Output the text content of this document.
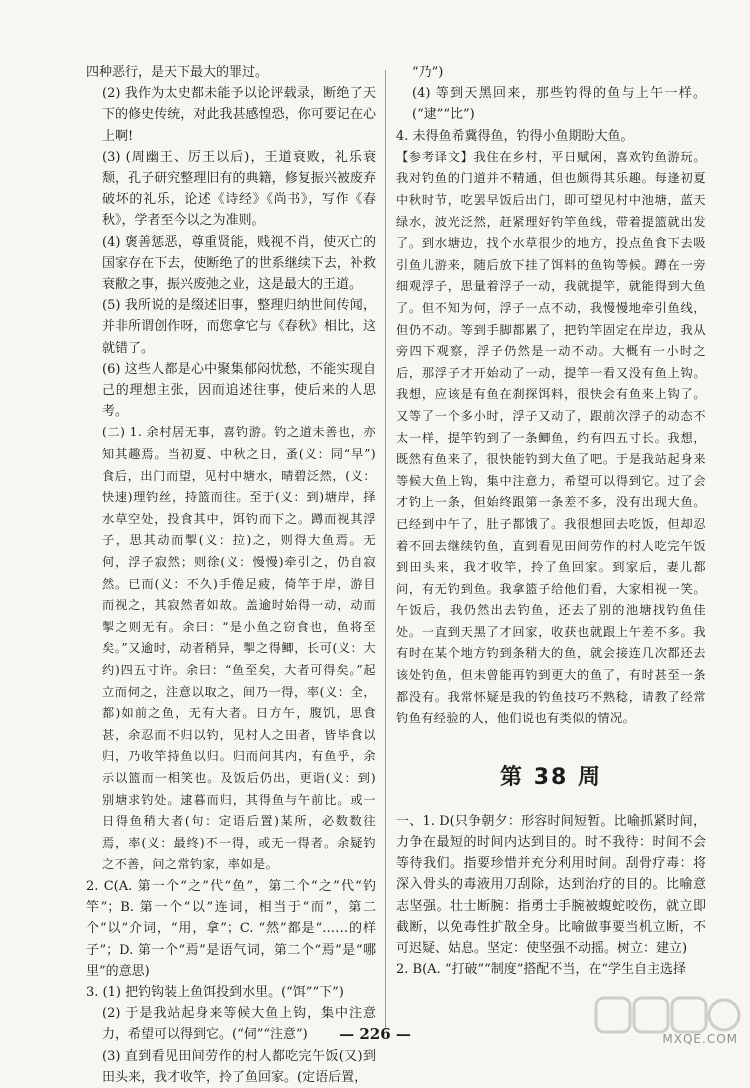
四种恶行，是天下最大的罪过。

(2) 我作为太史都未能予以论评载录，断绝了天下的修史传统，对此我甚感惶恐，你可要记在心上啊!

(3) (周幽王、厉王以后)，王道衰败，礼乐衰颓，孔子研究整理旧有的典籍，修复振兴被废弃破坏的礼乐，论述《诗经》《尚书》，写作《春秋》，学者至今以之为准则。

(4) 褒善惩恶，尊重贤能，贱视不肖，使灭亡的国家存在下去，使断绝了的世系继续下去，补救衰敝之事，振兴废弛之业，这是最大的王道。

(5) 我所说的是缀述旧事，整理归纳世间传闻，并非所谓创作呀，而您拿它与《春秋》相比，这就错了。

(6) 这些人都是心中聚集郁闷忧愁，不能实现自己的理想主张，因而追述往事，使后来的人思考。

(二) 1. 余村居无事，喜钓游。钓之道未善也，亦知其趣焉。当初夏、中秋之日，蚤(义：同“早”)食后，出门而望，见村中塘水，晴碧泛然，(义：快速)理钓丝，持篮而往。至于(义：到)塘岸，择水草空处，投食其中，饵钓而下之。蹲而视其浮子，思其动而掣(义：拉)之，则得大鱼焉。无何，浮子寂然；则徐(义：慢慢)牵引之，仍自寂然。已而(义：不久)手倦足疲，倚竿于岸，游目而视之，其寂然者如故。盖逾时始得一动，动而掣之则无有。余曰：“是小鱼之窃食也，鱼将至矣。”又逾时，动者稍异，掣之得鲫，长可(义：大约)四五寸许。余曰：“鱼至矣，大者可得矣。”起立而伺之，注意以取之，间乃一得，率(义：全，都)如前之鱼，无有大者。日方午，腹饥，思食甚，余忍而不归以钓，见村人之田者，皆毕食以归，乃收竿持鱼以归。归而问其内，有鱼乎，余示以篮而一相笑也。及饭后仍出，更诣(义：到)别塘求钓处。逮暮而归，其得鱼与午前比。或一日得鱼稍大者(句：定语后置)某所，必数数往焉，率(义：最终)不一得，或无一得者。余疑钓之不善，问之常钓家，率如是。

2. C(A. 第一个“之”代“鱼”，第二个“之”代“钓竿”；B. 第一个“以”连词，相当于“而”，第二个“以”介词，“用，拿”；C. “然”都是“……的样子”；D. 第一个“焉”是语气词，第二个“焉”是“哪里”的意思)

3. (1) 把钓钩装上鱼饵投到水里。(“饵”“下”)

(2) 于是我站起身来等候大鱼上钩，集中注意力，希望可以得到它。(“伺”“注意”)

(3) 直到看见田间劳作的村人都吃完午饭(又)到田头来，我才收竿，拎了鱼回家。(定语后置，

“乃”)

(4) 等到天黑回来，那些钓得的鱼与上午一样。(“逮”“比”)

4. 未得鱼希冀得鱼，钓得小鱼期盼大鱼。

【参考译文】我住在乡村，平日赋闲，喜欢钓鱼游玩。我对钓鱼的门道并不精通，但也颇得其乐趣。每逢初夏中秋时节，吃罢早饭后出门，即可望见村中池塘，蓝天绿水，波光泛然，赶紧理好钓竿鱼线，带着提篮就出发了。到水塘边，找个水草很少的地方，投点鱼食下去吸引鱼儿游来，随后放下挂了饵料的鱼钩等候。蹲在一旁细观浮子，思量着浮子一动，我就提竿，就能得到大鱼了。但不知为何，浮子一点不动，我慢慢地牵引鱼线，但仍不动。等到手脚都累了，把钓竿固定在岸边，我从旁四下观察，浮子仍然是一动不动。大概有一小时之后，那浮子才开始动了一动，提竿一看又没有鱼上钩。我想，应该是有鱼在刹探饵料，很快会有鱼来上钩了。又等了一个多小时，浮子又动了，跟前次浮子的动态不太一样，提竿钓到了一条鲫鱼，约有四五寸长。我想，既然有鱼来了，很快能钓到大鱼了吧。于是我站起身来等候大鱼上钩，集中注意力，希望可以得到它。过了会才钓上一条，但始终跟第一条差不多，没有出现大鱼。已经到中午了，肚子都饿了。我很想回去吃饭，但却忍着不回去继续钓鱼，直到看见田间劳作的村人吃完午饭到田头来，我才收竿，拎了鱼回家。到家后，妻儿都问，有无钓到鱼。我拿篮子给他们看，大家相视一笑。午饭后，我仍然出去钓鱼，还去了别的池塘找钓鱼佳处。一直到天黑了才回家，收获也就跟上午差不多。我有时在某个地方钓到条稍大的鱼，就会接连几次都还去该处钓鱼，但未曾能再钓到更大的鱼了，有时甚至一条都没有。我常怀疑是我的钓鱼技巧不熟稔，请教了经常钓鱼有经验的人，他们说也有类似的情况。

第 38 周

一、1. D(只争朝夕：形容时间短暂。比喻抓紧时间，力争在最短的时间内达到目的。时不我待：时间不会等待我们。指要珍惜并充分利用时间。刮骨疗毒：将深入骨头的毒液用刀刮除，达到治疗的目的。比喻意志坚强。壮士断腕：指勇士手腕被蝮蛇咬伤，就立即截断，以免毒性扩散全身。比喻做事要当机立断，不可迟疑、姑息。坚定：使坚强不动摇。树立：建立)

2. B(A. “打破”“制度”搭配不当，在“学生自主选择

— 226 —	MXQE.COM
